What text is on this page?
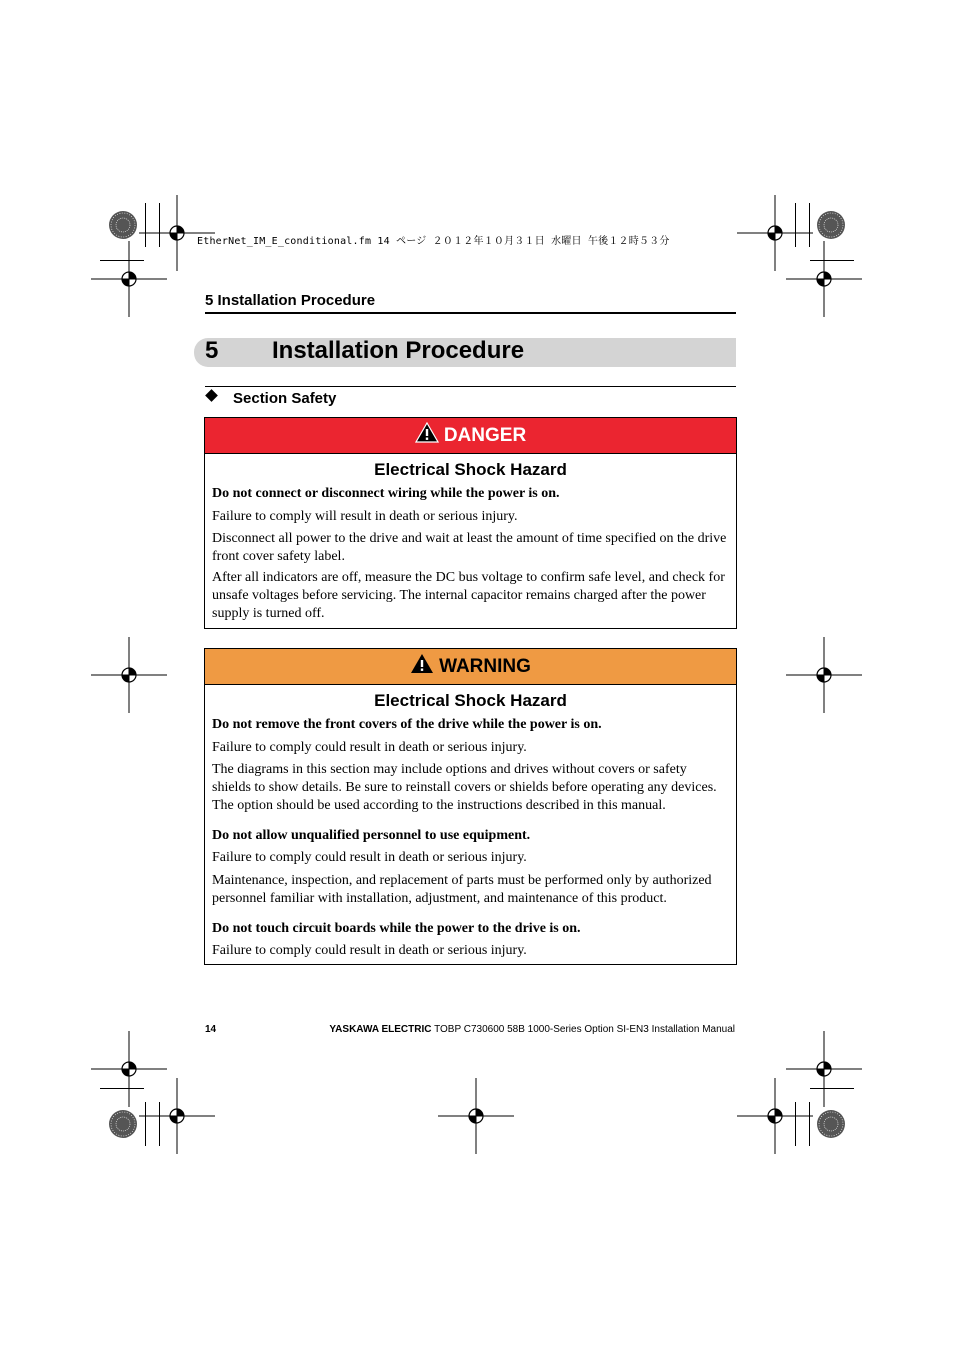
EtherNet_IM_E_conditional.fm 14 ページ ２０１２年１０月３１日 水曜日 午後１２時５３分
5 Installation Procedure
5 Installation Procedure
Section Safety
DANGER
Electrical Shock Hazard
Do not connect or disconnect wiring while the power is on.
Failure to comply will result in death or serious injury.
Disconnect all power to the drive and wait at least the amount of time specified on the drive front cover safety label.
After all indicators are off, measure the DC bus voltage to confirm safe level, and check for unsafe voltages before servicing. The internal capacitor remains charged after the power supply is turned off.
WARNING
Electrical Shock Hazard
Do not remove the front covers of the drive while the power is on.
Failure to comply could result in death or serious injury.
The diagrams in this section may include options and drives without covers or safety shields to show details. Be sure to reinstall covers or shields before operating any devices. The option should be used according to the instructions described in this manual.
Do not allow unqualified personnel to use equipment.
Failure to comply could result in death or serious injury.
Maintenance, inspection, and replacement of parts must be performed only by authorized personnel familiar with installation, adjustment, and maintenance of this product.
Do not touch circuit boards while the power to the drive is on.
Failure to comply could result in death or serious injury.
14	YASKAWA ELECTRIC TOBP C730600 58B 1000-Series Option SI-EN3 Installation Manual
